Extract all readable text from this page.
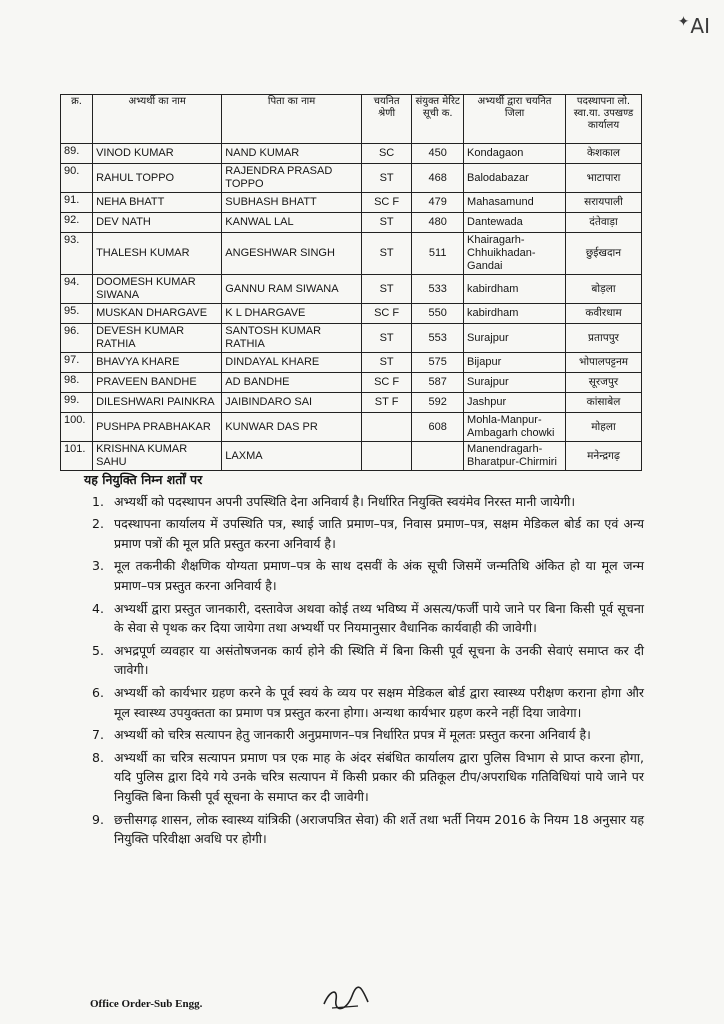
✦AI
क्र.	अभ्यर्थी का नाम	पिता का नाम	चयनित श्रेणी	संयुक्त मेरिट सूची क.	अभ्यर्थी द्वारा चयनित जिला	पदस्थापना लो. स्वा.या. उपखण्ड कार्यालय
89.	VINOD KUMAR	NAND KUMAR	SC	450	Kondagaon	केशकाल
90.	RAHUL TOPPO	RAJENDRA PRASAD TOPPO	ST	468	Balodabazar	भाटापारा
91.	NEHA BHATT	SUBHASH BHATT	SC F	479	Mahasamund	सरायपाली
92.	DEV NATH	KANWAL LAL	ST	480	Dantewada	दंतेवाड़ा
93.	THALESH KUMAR	ANGESHWAR SINGH	ST	511	Khairagarh-Chhuikhadan-Gandai	छुईखदान
94.	DOOMESH KUMAR SIWANA	GANNU RAM SIWANA	ST	533	kabirdham	बोड़ला
95.	MUSKAN DHARGAVE	K L DHARGAVE	SC F	550	kabirdham	कवीरधाम
96.	DEVESH KUMAR RATHIA	SANTOSH KUMAR RATHIA	ST	553	Surajpur	प्रतापपुर
97.	BHAVYA KHARE	DINDAYAL KHARE	ST	575	Bijapur	भोपालपट्टनम
98.	PRAVEEN BANDHE	AD BANDHE	SC F	587	Surajpur	सूरजपुर
99.	DILESHWARI PAINKRA	JAIBINDARO SAI	ST F	592	Jashpur	कांसाबेल
100.	PUSHPA PRABHAKAR	KUNWAR DAS PR		608	Mohla-Manpur-Ambagarh chowki	मोहला
101.	KRISHNA KUMAR SAHU	LAXMA			Manendragarh-Bharatpur-Chirmiri	मनेन्द्रगढ़
यह नियुक्ति निम्न शर्तों पर
1. अभ्यर्थी को पदस्थापन अपनी उपस्थिति देना अनिवार्य है। निर्धारित नियुक्ति स्वयंमेव निरस्त मानी जायेगी।
2. पदस्थापना कार्यालय में उपस्थिति पत्र, स्थाई जाति प्रमाण–पत्र, निवास प्रमाण–पत्र, सक्षम मेडिकल बोर्ड का एवं अन्य प्रमाण पत्रों की मूल प्रति प्रस्तुत करना अनिवार्य है।
3. मूल तकनीकी शैक्षणिक योग्यता प्रमाण–पत्र के साथ दसवीं के अंक सूची जिसमें जन्मतिथि अंकित हो या मूल जन्म प्रमाण–पत्र प्रस्तुत करना अनिवार्य है।
4. अभ्यर्थी द्वारा प्रस्तुत जानकारी, दस्तावेज अथवा कोई तथ्य भविष्य में असत्य/फर्जी पाये जाने पर बिना किसी पूर्व सूचना के सेवा से पृथक कर दिया जायेगा तथा अभ्यर्थी पर नियमानुसार वैधानिक कार्यवाही की जावेगी।
5. अभद्रपूर्ण व्यवहार या असंतोषजनक कार्य होने की स्थिति में बिना किसी पूर्व सूचना के उनकी सेवाएं समाप्त कर दी जावेगी।
6. अभ्यर्थी को कार्यभार ग्रहण करने के पूर्व स्वयं के व्यय पर सक्षम मेडिकल बोर्ड द्वारा स्वास्थ्य परीक्षण कराना होगा और मूल स्वास्थ्य उपयुक्तता का प्रमाण पत्र प्रस्तुत करना होगा। अन्यथा कार्यभार ग्रहण करने नहीं दिया जावेगा।
7. अभ्यर्थी को चरित्र सत्यापन हेतु जानकारी अनुप्रमाणन–पत्र निर्धारित प्रपत्र में मूलतः प्रस्तुत करना अनिवार्य है।
8. अभ्यर्थी का चरित्र सत्यापन प्रमाण पत्र एक माह के अंदर संबंधित कार्यालय द्वारा पुलिस विभाग से प्राप्त करना होगा, यदि पुलिस द्वारा दिये गये उनके चरित्र सत्यापन में किसी प्रकार की प्रतिकूल टीप/अपराधिक गतिविधियां पाये जाने पर नियुक्ति बिना किसी पूर्व सूचना के समाप्त कर दी जावेगी।
9. छत्तीसगढ़ शासन, लोक स्वास्थ्य यांत्रिकी (अराजपत्रित सेवा) की शर्ते तथा भर्ती नियम 2016 के नियम 18 अनुसार यह नियुक्ति परिवीक्षा अवधि पर होगी।
Office Order-Sub Engg.
